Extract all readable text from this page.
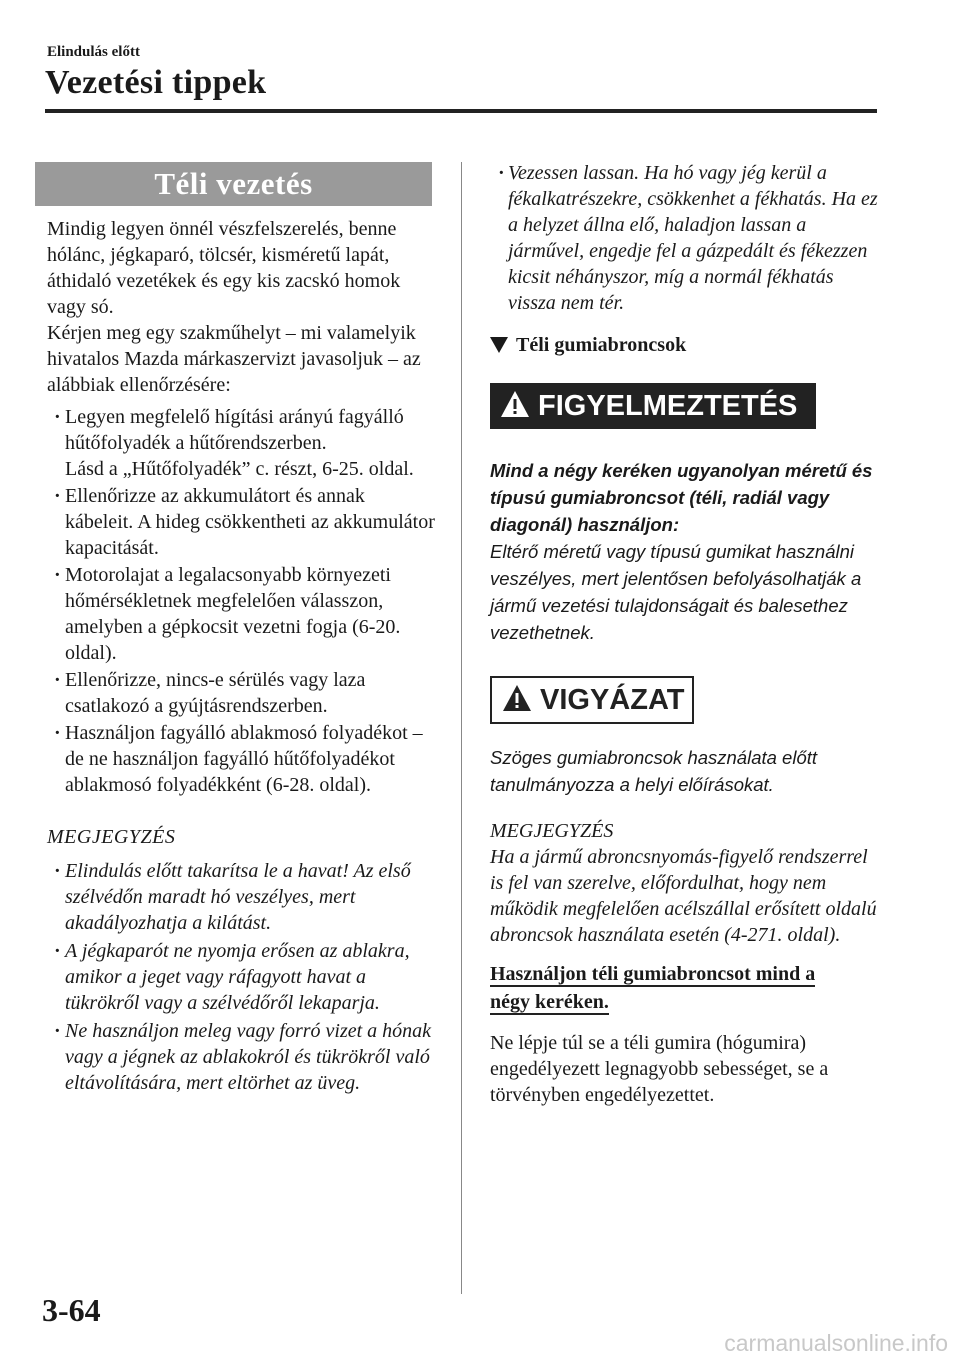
Elindulás előtt
Vezetési tippek
Téli vezetés

Mindig legyen önnél vészfelszerelés, benne hólánc, jégkaparó, tölcsér, kisméretű lapát, áthidaló vezetékek és egy kis zacskó homok vagy só.

Kérjen meg egy szakműhelyt – mi valamelyik hivatalos Mazda márkaszervizt javasoljuk – az alábbiak ellenőrzésére:

· Legyen megfelelő hígítási arányú fagyálló hűtőfolyadék a hűtőrendszerben.
Lásd a „Hűtőfolyadék” c. részt, 6-25. oldal.
· Ellenőrizze az akkumulátort és annak kábeleit. A hideg csökkentheti az akkumulátor kapacitását.
· Motorolajat a legalacsonyabb környezeti hőmérsékletnek megfelelően válasszon, amelyben a gépkocsit vezetni fogja (6-20. oldal).
· Ellenőrizze, nincs-e sérülés vagy laza csatlakozó a gyújtásrendszerben.
· Használjon fagyálló ablakmosó folyadékot – de ne használjon fagyálló hűtőfolyadékot ablakmosó folyadékként (6-28. oldal).
MEGJEGYZÉS
· Elindulás előtt takarítsa le a havat! Az első szélvédőn maradt hó veszélyes, mert akadályozhatja a kilátást.
· A jégkaparót ne nyomja erősen az ablakra, amikor a jeget vagy ráfagyott havat a tükrökről vagy a szélvédőről lekaparja.
· Ne használjon meleg vagy forró vizet a hónak vagy a jégnek az ablakokról és tükrökről való eltávolítására, mert eltörhet az üveg.
· Vezessen lassan. Ha hó vagy jég kerül a fékalkatrészekre, csökkenhet a fékhatás. Ha ez a helyzet állna elő, haladjon lassan a járművel, engedje fel a gázpedált és fékezzen kicsit néhányszor, míg a normál fékhatás vissza nem tér.
Téli gumiabroncsok
FIGYELMEZTETÉS
Mind a négy keréken ugyanolyan méretű és típusú gumiabroncsot (téli, radiál vagy diagonál) használjon:
Eltérő méretű vagy típusú gumikat használni veszélyes, mert jelentősen befolyásolhatják a jármű vezetési tulajdonságait és balesethez vezethetnek.
VIGYÁZAT
Szöges gumiabroncsok használata előtt tanulmányozza a helyi előírásokat.
MEGJEGYZÉS
Ha a jármű abroncsnyomás-figyelő rendszerrel is fel van szerelve, előfordulhat, hogy nem működik megfelelően acélszállal erősített oldalú abroncsok használata esetén (4-271. oldal).
Használjon téli gumiabroncsot mind a
négy keréken.

Ne lépje túl se a téli gumira (hógumira) engedélyezett legnagyobb sebességet, se a törvényben engedélyezettet.

3-64
carmanualsonline.info
